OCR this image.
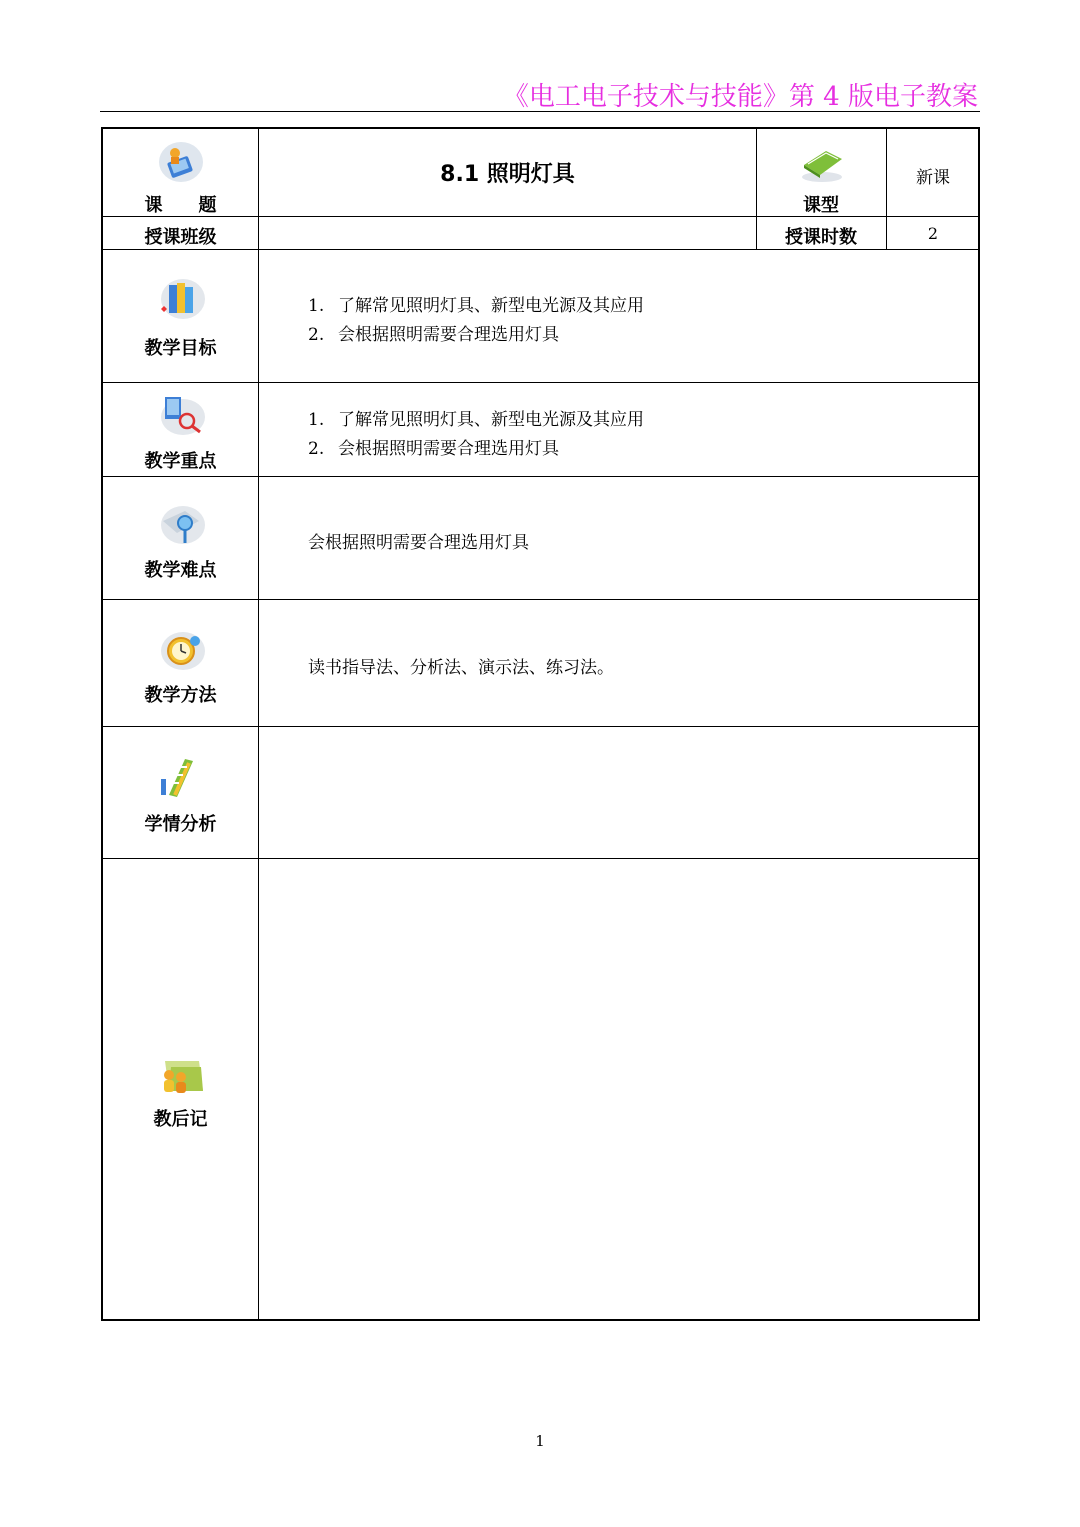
《电工电子技术与技能》第 4 版电子教案
课　　题
8.1 照明灯具
课型
新课
授课班级	授课时数	2
教学目标
1. 了解常见照明灯具、新型电光源及其应用
2. 会根据照明需要合理选用灯具
教学重点
1. 了解常见照明灯具、新型电光源及其应用
2. 会根据照明需要合理选用灯具
教学难点
会根据照明需要合理选用灯具
教学方法
读书指导法、分析法、演示法、练习法。
学情分析
教后记
1
